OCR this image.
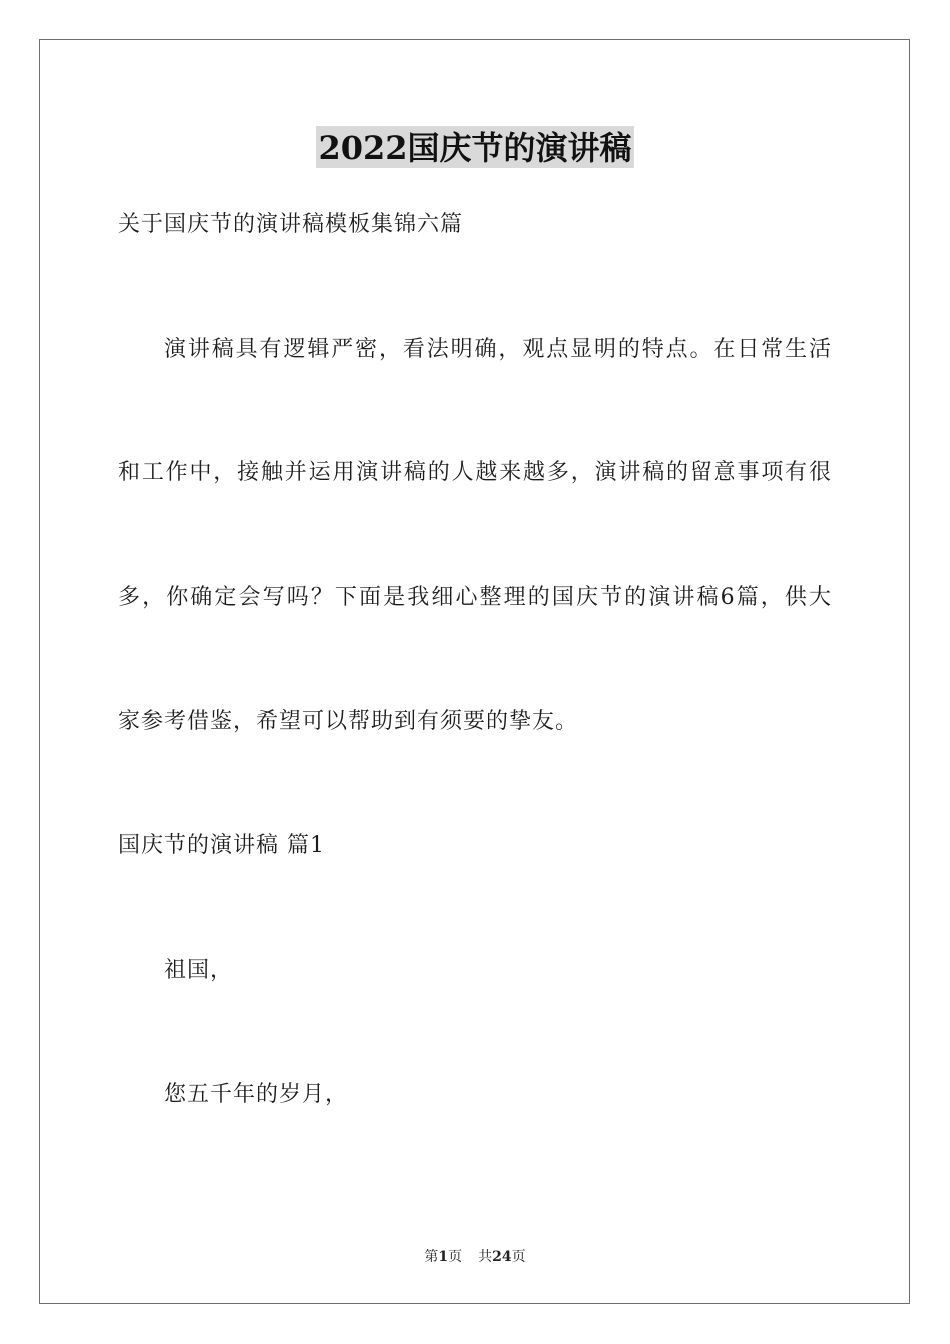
2022国庆节的演讲稿
关于国庆节的演讲稿模板集锦六篇
演讲稿具有逻辑严密，看法明确，观点显明的特点。在日常生活
和工作中，接触并运用演讲稿的人越来越多，演讲稿的留意事项有很
多，你确定会写吗？下面是我细心整理的国庆节的演讲稿6篇，供大
家参考借鉴，希望可以帮助到有须要的挚友。
国庆节的演讲稿 篇1
祖国，
您五千年的岁月，
第1页 共24页
